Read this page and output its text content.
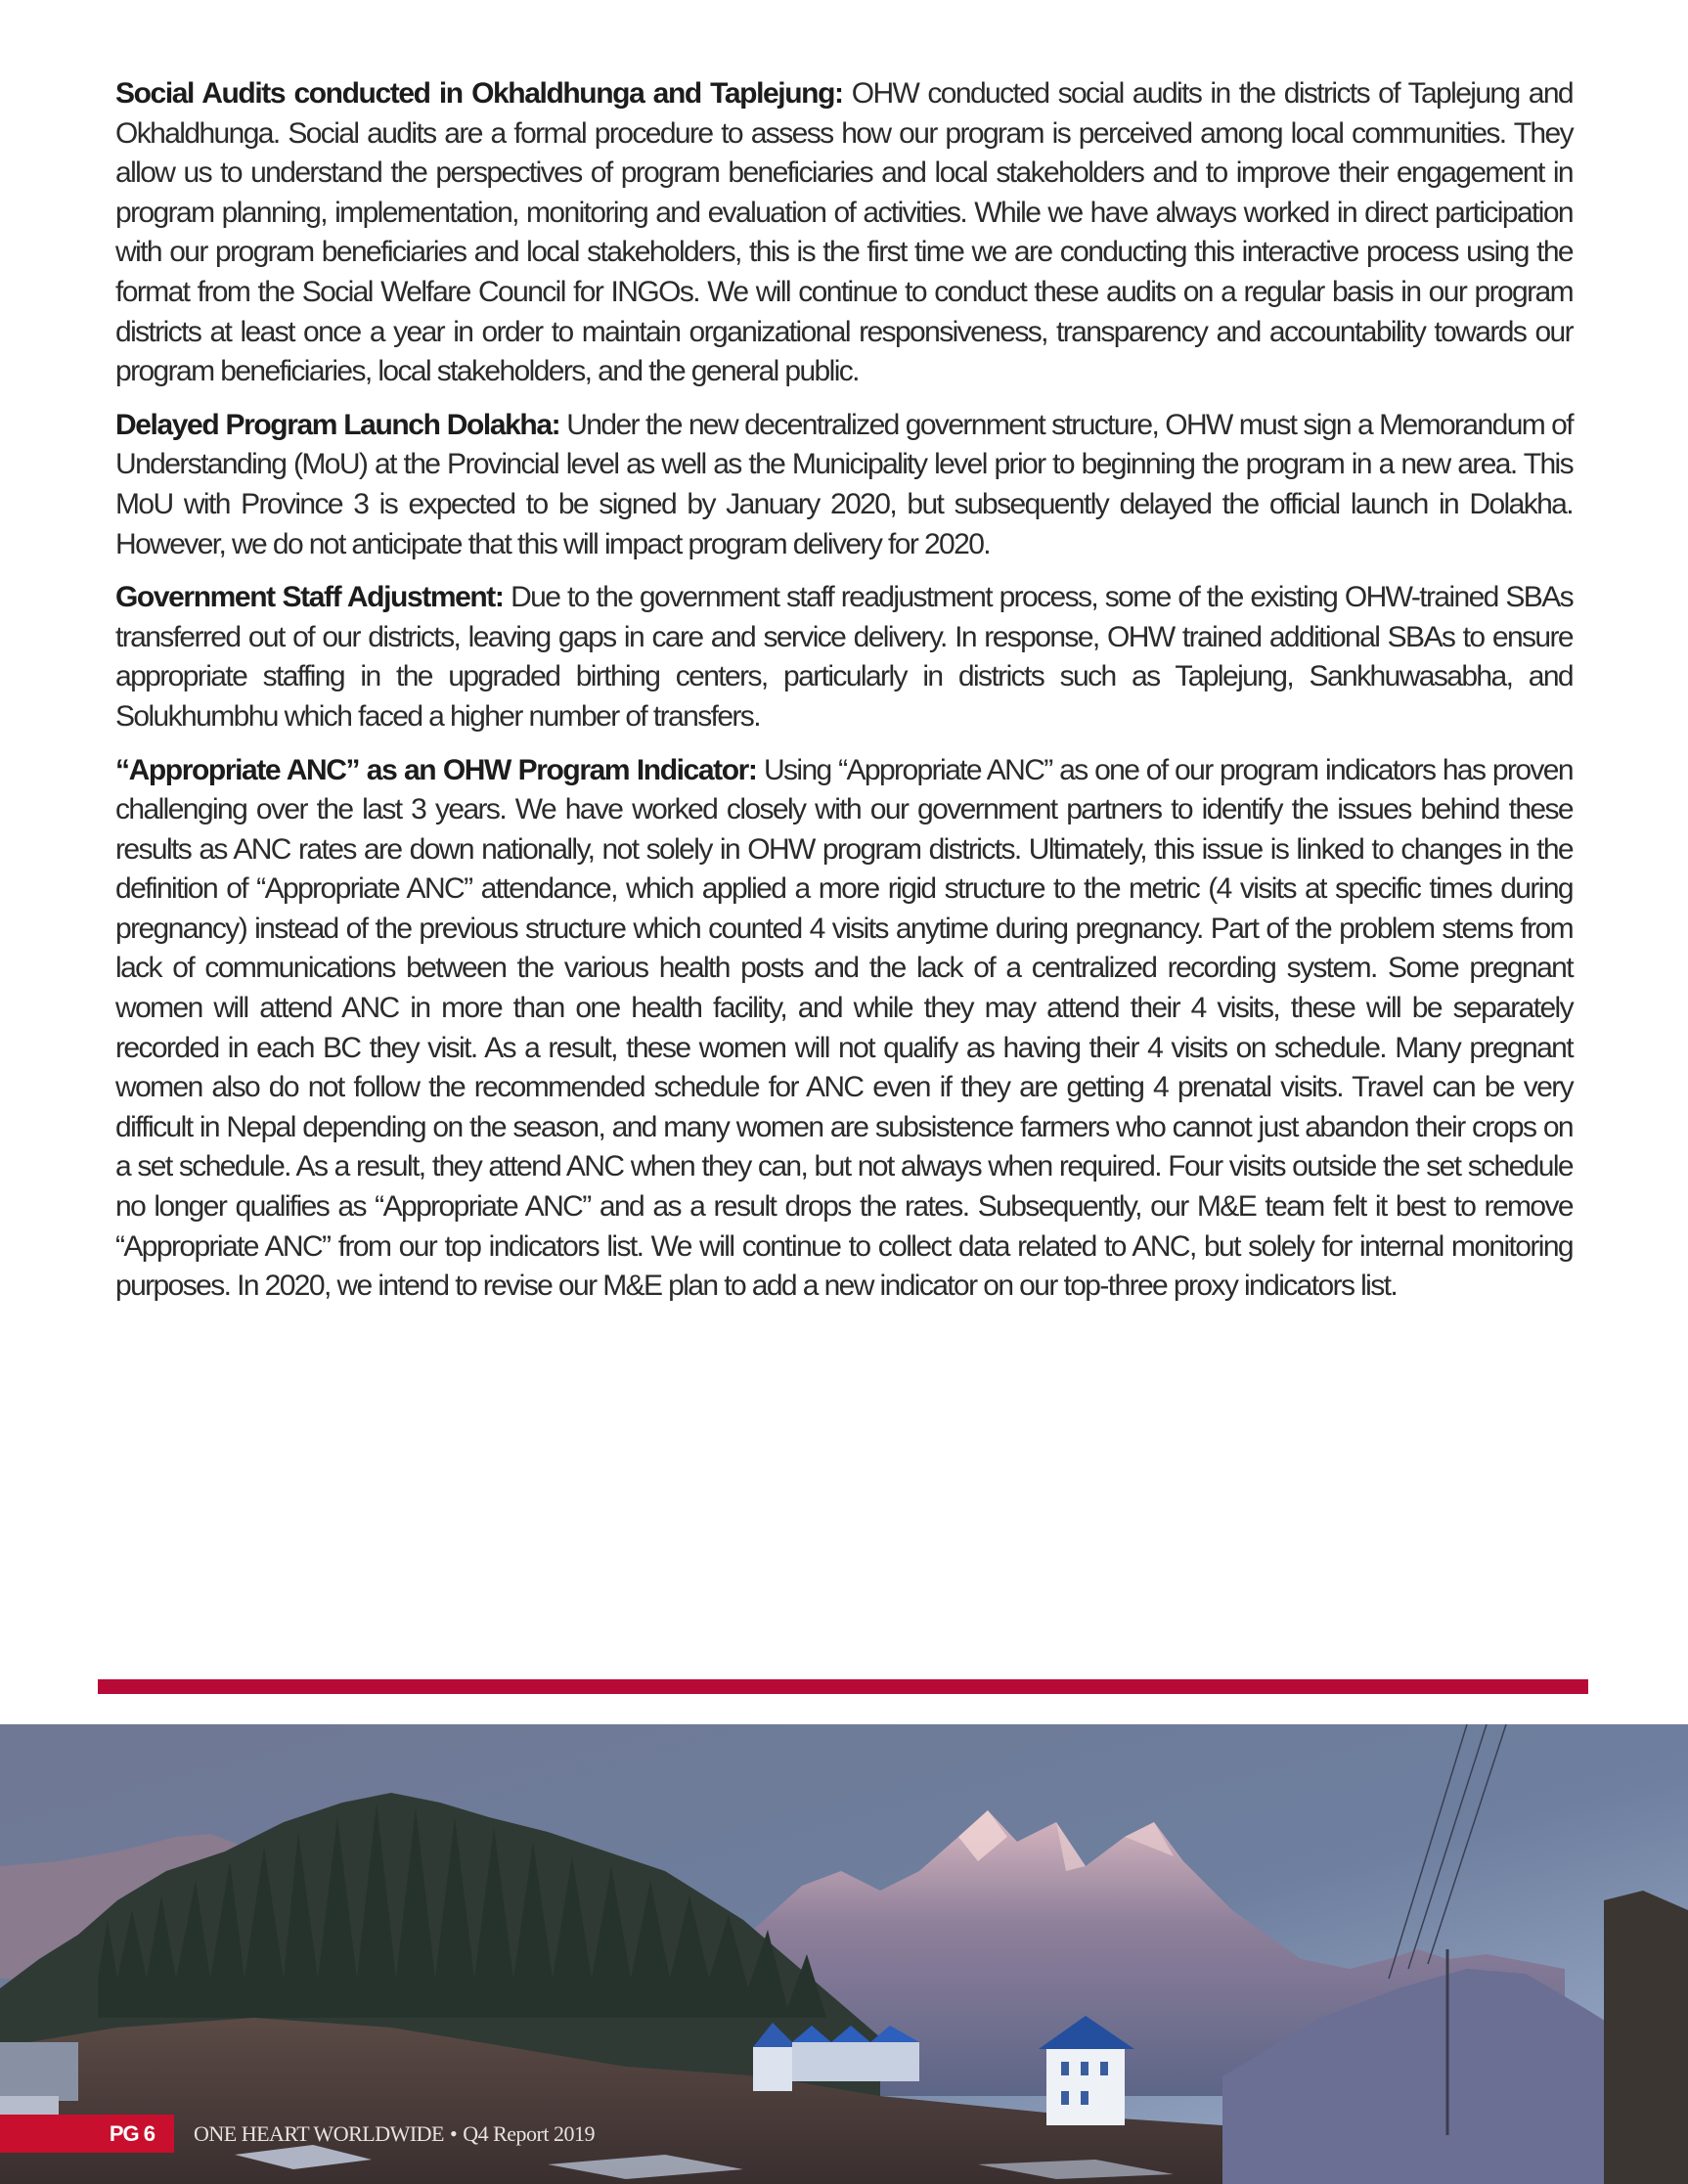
Social Audits conducted in Okhaldhunga and Taplejung: OHW conducted social audits in the districts of Taplejung and Okhaldhunga. Social audits are a formal procedure to assess how our program is perceived among local communities. They allow us to understand the perspectives of program beneficiaries and local stakeholders and to improve their engagement in program planning, implementation, monitoring and evaluation of activities. While we have always worked in direct participation with our program beneficiaries and local stakeholders, this is the first time we are conducting this interactive process using the format from the Social Welfare Council for INGOs. We will continue to conduct these audits on a regular basis in our program districts at least once a year in order to maintain organizational responsiveness, transparency and accountability towards our program beneficiaries, local stakeholders, and the general public.

Delayed Program Launch Dolakha: Under the new decentralized government structure, OHW must sign a Memorandum of Understanding (MoU) at the Provincial level as well as the Municipality level prior to beginning the program in a new area. This MoU with Province 3 is expected to be signed by January 2020, but subsequently delayed the official launch in Dolakha. However, we do not anticipate that this will impact program delivery for 2020.

Government Staff Adjustment: Due to the government staff readjustment process, some of the existing OHW-trained SBAs transferred out of our districts, leaving gaps in care and service delivery. In response, OHW trained additional SBAs to ensure appropriate staffing in the upgraded birthing centers, particularly in districts such as Taplejung, Sankhuwasabha, and Solukhumbhu which faced a higher number of transfers.

“Appropriate ANC” as an OHW Program Indicator: Using “Appropriate ANC” as one of our program indicators has proven challenging over the last 3 years. We have worked closely with our government partners to identify the issues behind these results as ANC rates are down nationally, not solely in OHW program districts. Ultimately, this issue is linked to changes in the definition of “Appropriate ANC” attendance, which applied a more rigid structure to the metric (4 visits at specific times during pregnancy) instead of the previous structure which counted 4 visits anytime during pregnancy. Part of the problem stems from lack of communications between the various health posts and the lack of a centralized recording system. Some pregnant women will attend ANC in more than one health facility, and while they may attend their 4 visits, these will be separately recorded in each BC they visit. As a result, these women will not qualify as having their 4 visits on schedule. Many pregnant women also do not follow the recommended schedule for ANC even if they are getting 4 prenatal visits. Travel can be very difficult in Nepal depending on the season, and many women are subsistence farmers who cannot just abandon their crops on a set schedule. As a result, they attend ANC when they can, but not always when required. Four visits outside the set schedule no longer qualifies as “Appropriate ANC” and as a result drops the rates. Subsequently, our M&E team felt it best to remove “Appropriate ANC” from our top indicators list. We will continue to collect data related to ANC, but solely for internal monitoring purposes. In 2020, we intend to revise our M&E plan to add a new indicator on our top-three proxy indicators list.

PG 6 ONE HEART WORLDWIDE • Q4 Report 2019
